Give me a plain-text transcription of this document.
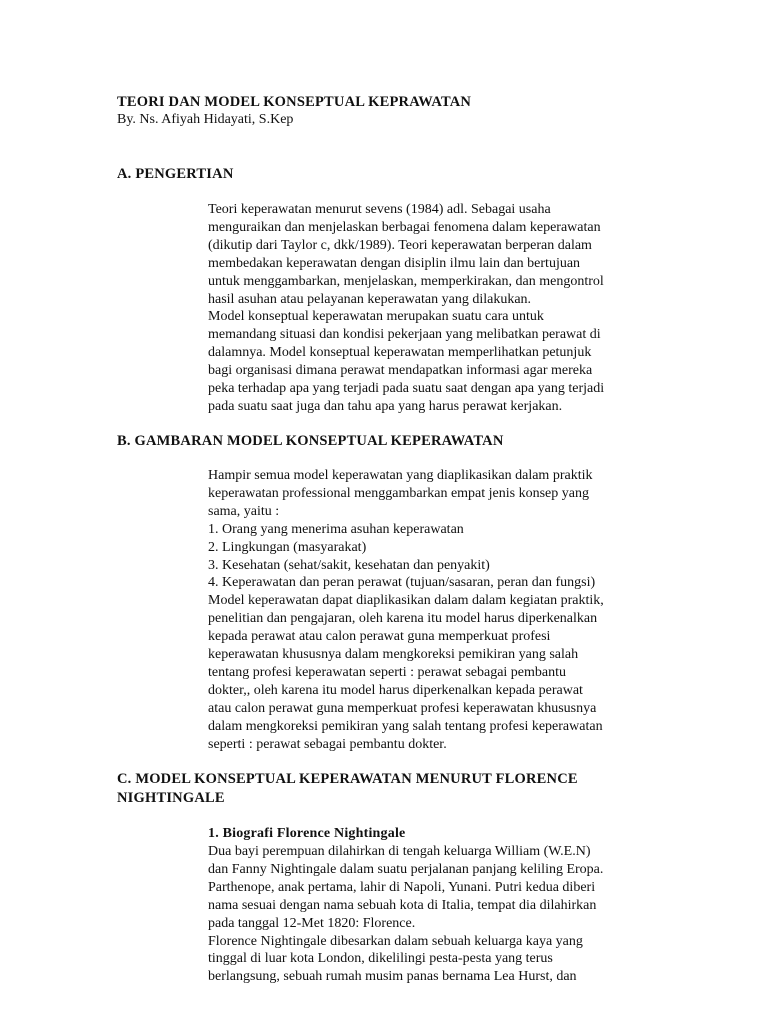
TEORI DAN MODEL KONSEPTUAL KEPRAWATAN
By. Ns. Afiyah Hidayati, S.Kep
A. PENGERTIAN
Teori keperawatan menurut sevens (1984) adl. Sebagai usaha
menguraikan dan menjelaskan berbagai fenomena dalam keperawatan
(dikutip dari Taylor c, dkk/1989). Teori keperawatan berperan dalam
membedakan keperawatan dengan disiplin ilmu lain dan bertujuan
untuk menggambarkan, menjelaskan, memperkirakan, dan mengontrol
hasil asuhan atau pelayanan keperawatan yang dilakukan.
Model konseptual keperawatan merupakan suatu cara untuk
memandang situasi dan kondisi pekerjaan yang melibatkan perawat di
dalamnya. Model konseptual keperawatan memperlihatkan petunjuk
bagi organisasi dimana perawat mendapatkan informasi agar mereka
peka terhadap apa yang terjadi pada suatu saat dengan apa yang terjadi
pada suatu saat juga dan tahu apa yang harus perawat kerjakan.
B. GAMBARAN MODEL KONSEPTUAL KEPERAWATAN
Hampir semua model keperawatan yang diaplikasikan dalam praktik
keperawatan professional menggambarkan empat jenis konsep yang
sama, yaitu :
1. Orang yang menerima asuhan keperawatan
2. Lingkungan (masyarakat)
3. Kesehatan (sehat/sakit, kesehatan dan penyakit)
4. Keperawatan dan peran perawat (tujuan/sasaran, peran dan fungsi)
Model keperawatan dapat diaplikasikan dalam dalam kegiatan praktik,
penelitian dan pengajaran, oleh karena itu model harus diperkenalkan
kepada perawat atau calon perawat guna memperkuat profesi
keperawatan khususnya dalam mengkoreksi pemikiran yang salah
tentang profesi keperawatan seperti : perawat sebagai pembantu
dokter,, oleh karena itu model harus diperkenalkan kepada perawat
atau calon perawat guna memperkuat profesi keperawatan khususnya
dalam mengkoreksi pemikiran yang salah tentang profesi keperawatan
seperti : perawat sebagai pembantu dokter.
C. MODEL KONSEPTUAL KEPERAWATAN MENURUT FLORENCE
NIGHTINGALE
1. Biografi Florence Nightingale
Dua bayi perempuan dilahirkan di tengah keluarga William (W.E.N)
dan Fanny Nightingale dalam suatu perjalanan panjang keliling Eropa.
Parthenope, anak pertama, lahir di Napoli, Yunani. Putri kedua diberi
nama sesuai dengan nama sebuah kota di Italia, tempat dia dilahirkan
pada tanggal 12-Met 1820: Florence.
Florence Nightingale dibesarkan dalam sebuah keluarga kaya yang
tinggal di luar kota London, dikelilingi pesta-pesta yang terus
berlangsung, sebuah rumah musim panas bernama Lea Hurst, dan
